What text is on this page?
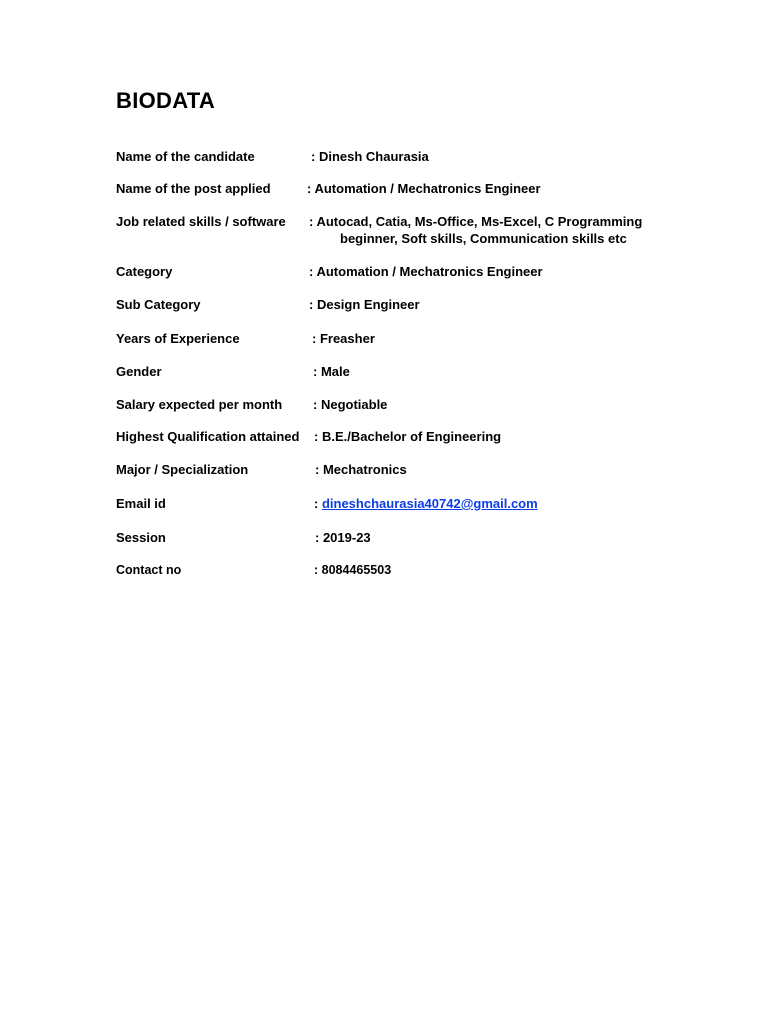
BIODATA
Name of the candidate	: Dinesh Chaurasia
Name of the post applied	: Automation / Mechatronics Engineer
Job related skills / software : Autocad, Catia, Ms-Office, Ms-Excel, C Programming
beginner, Soft skills, Communication skills etc
Category	: Automation / Mechatronics Engineer
Sub Category	: Design Engineer
Years of Experience	: Freasher
Gender	: Male
Salary expected per month : Negotiable
Highest Qualification attained : B.E./Bachelor of Engineering
Major / Specialization	: Mechatronics
Email id	: dineshchaurasia40742@gmail.com
Session	: 2019-23
Contact no	: 8084465503
